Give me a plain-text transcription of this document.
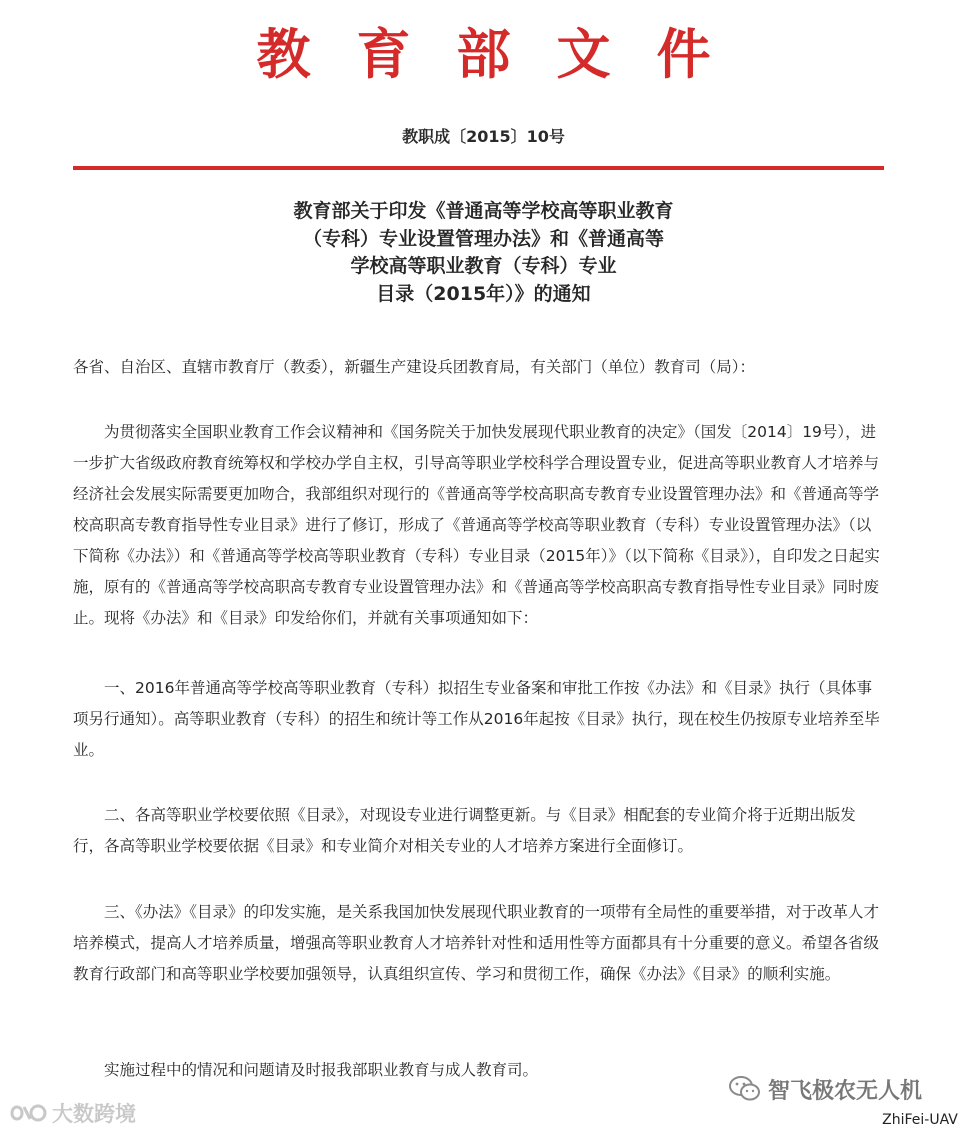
教育部文件
教职成〔2015〕10号
教育部关于印发《普通高等学校高等职业教育
（专科）专业设置管理办法》和《普通高等
学校高等职业教育（专科）专业
目录（2015年）》的通知
各省、自治区、直辖市教育厅（教委），新疆生产建设兵团教育局，有关部门（单位）教育司（局）：
为贯彻落实全国职业教育工作会议精神和《国务院关于加快发展现代职业教育的决定》（国发〔2014〕19号），进一步扩大省级政府教育统筹权和学校办学自主权，引导高等职业学校科学合理设置专业，促进高等职业教育人才培养与经济社会发展实际需要更加吻合，我部组织对现行的《普通高等学校高职高专教育专业设置管理办法》和《普通高等学校高职高专教育指导性专业目录》进行了修订，形成了《普通高等学校高等职业教育（专科）专业设置管理办法》（以下简称《办法》）和《普通高等学校高等职业教育（专科）专业目录（2015年）》（以下简称《目录》），自印发之日起实施，原有的《普通高等学校高职高专教育专业设置管理办法》和《普通高等学校高职高专教育指导性专业目录》同时废止。现将《办法》和《目录》印发给你们，并就有关事项通知如下：
一、2016年普通高等学校高等职业教育（专科）拟招生专业备案和审批工作按《办法》和《目录》执行（具体事项另行通知）。高等职业教育（专科）的招生和统计等工作从2016年起按《目录》执行，现在校生仍按原专业培养至毕业。
二、各高等职业学校要依照《目录》，对现设专业进行调整更新。与《目录》相配套的专业简介将于近期出版发行，各高等职业学校要依据《目录》和专业简介对相关专业的人才培养方案进行全面修订。
三、《办法》《目录》的印发实施，是关系我国加快发展现代职业教育的一项带有全局性的重要举措，对于改革人才培养模式，提高人才培养质量，增强高等职业教育人才培养针对性和适用性等方面都具有十分重要的意义。希望各省级教育行政部门和高等职业学校要加强领导，认真组织宣传、学习和贯彻工作，确保《办法》《目录》的顺利实施。
实施过程中的情况和问题请及时报我部职业教育与成人教育司。
大数跨境
智飞极农无人机
ZhiFei-UAV
